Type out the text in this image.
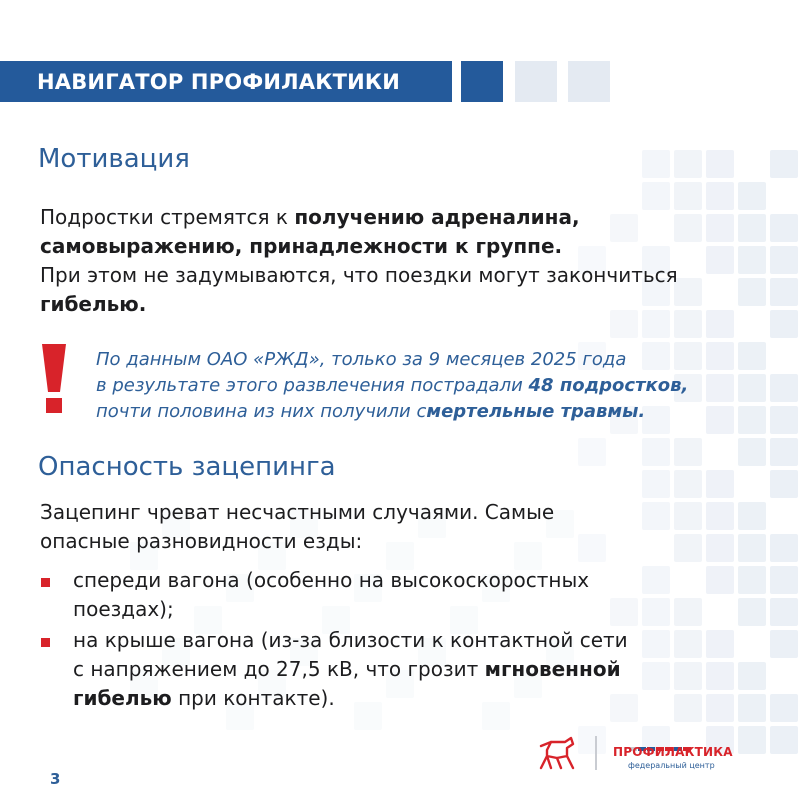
НАВИГАТОР ПРОФИЛАКТИКИ
Мотивация
Подростки стремятся к получению адреналина,
самовыражению, принадлежности к группе.
При этом не задумываются, что поездки могут закончиться
гибелью.
По данным ОАО «РЖД», только за 9 месяцев 2025 года
в результате этого развлечения пострадали 48 подростков,
почти половина из них получили смертельные травмы.
Опасность зацепинга
Зацепинг чреват несчастными случаями. Самые
опасные разновидности езды:
спереди вагона (особенно на высокоскоростных
поездах);
на крыше вагона (из-за близости к контактной сети
с напряжением до 27,5 кВ, что грозит мгновенной
гибелью при контакте).
3
ПРОФИЛАКТИКА
федеральный центр
